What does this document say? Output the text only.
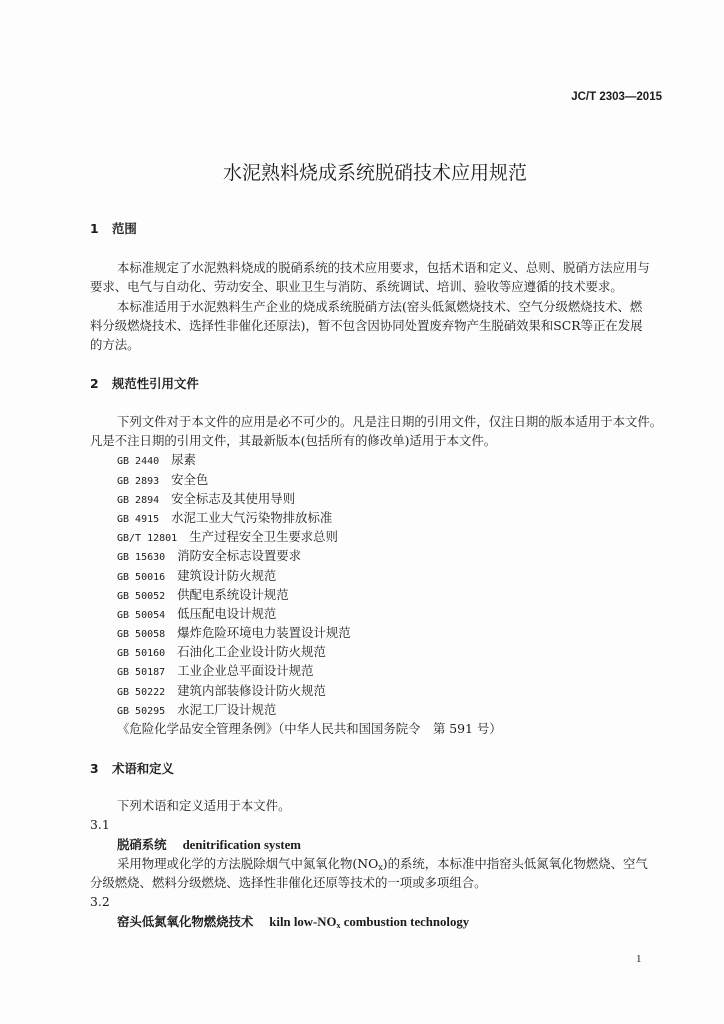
JC/T 2303—2015
水泥熟料烧成系统脱硝技术应用规范
1 范围
本标准规定了水泥熟料烧成的脱硝系统的技术应用要求，包括术语和定义、总则、脱硝方法应用与
要求、电气与自动化、劳动安全、职业卫生与消防、系统调试、培训、验收等应遵循的技术要求。
本标准适用于水泥熟料生产企业的烧成系统脱硝方法(窑头低氮燃烧技术、空气分级燃烧技术、燃
料分级燃烧技术、选择性非催化还原法)，暂不包含因协同处置废弃物产生脱硝效果和SCR等正在发展
的方法。
2 规范性引用文件
下列文件对于本文件的应用是必不可少的。凡是注日期的引用文件，仅注日期的版本适用于本文件。
凡是不注日期的引用文件，其最新版本(包括所有的修改单)适用于本文件。
GB 2440 尿素
GB 2893 安全色
GB 2894 安全标志及其使用导则
GB 4915 水泥工业大气污染物排放标准
GB/T 12801 生产过程安全卫生要求总则
GB 15630 消防安全标志设置要求
GB 50016 建筑设计防火规范
GB 50052 供配电系统设计规范
GB 50054 低压配电设计规范
GB 50058 爆炸危险环境电力装置设计规范
GB 50160 石油化工企业设计防火规范
GB 50187 工业企业总平面设计规范
GB 50222 建筑内部装修设计防火规范
GB 50295 水泥工厂设计规范
《危险化学品安全管理条例》（中华人民共和国国务院令　第 591 号）
3 术语和定义
下列术语和定义适用于本文件。
3.1
脱硝系统 denitrification system
采用物理或化学的方法脱除烟气中氮氧化物$(NO_x)$的系统，本标准中指窑头低氮氧化物燃烧、空气
分级燃烧、燃料分级燃烧、选择性非催化还原等技术的一项或多项组合。
3.2
窑头低氮氧化物燃烧技术 kiln low-$NO_x$ combustion technology
1
